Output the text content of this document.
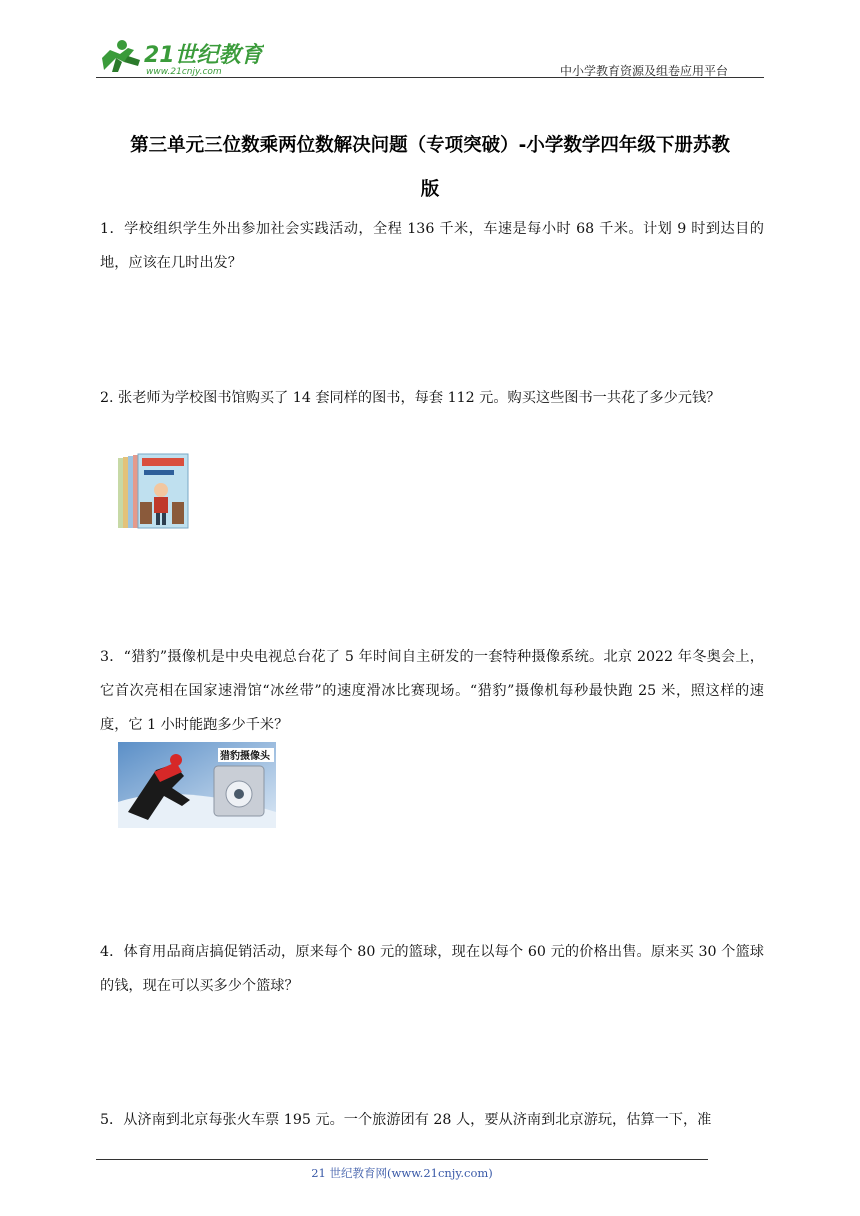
21世纪教育
www.21cnjy.com	中小学教育资源及组卷应用平台
第三单元三位数乘两位数解决问题（专项突破）-小学数学四年级下册苏教
版
1．学校组织学生外出参加社会实践活动，全程 136 千米，车速是每小时 68 千米。计划 9 时到达目的地，应该在几时出发？
2. 张老师为学校图书馆购买了 14 套同样的图书，每套 112 元。购买这些图书一共花了多少元钱？
3．“猎豹”摄像机是中央电视总台花了 5 年时间自主研发的一套特种摄像系统。北京 2022 年冬奥会上，它首次亮相在国家速滑馆“冰丝带”的速度滑冰比赛现场。“猎豹”摄像机每秒最快跑 25 米，照这样的速度，它 1 小时能跑多少千米？
猎豹摄像头
4．体育用品商店搞促销活动，原来每个 80 元的篮球，现在以每个 60 元的价格出售。原来买 30 个篮球的钱，现在可以买多少个篮球？
5．从济南到北京每张火车票 195 元。一个旅游团有 28 人，要从济南到北京游玩，估算一下，准
21 世纪教育网(www.21cnjy.com)
